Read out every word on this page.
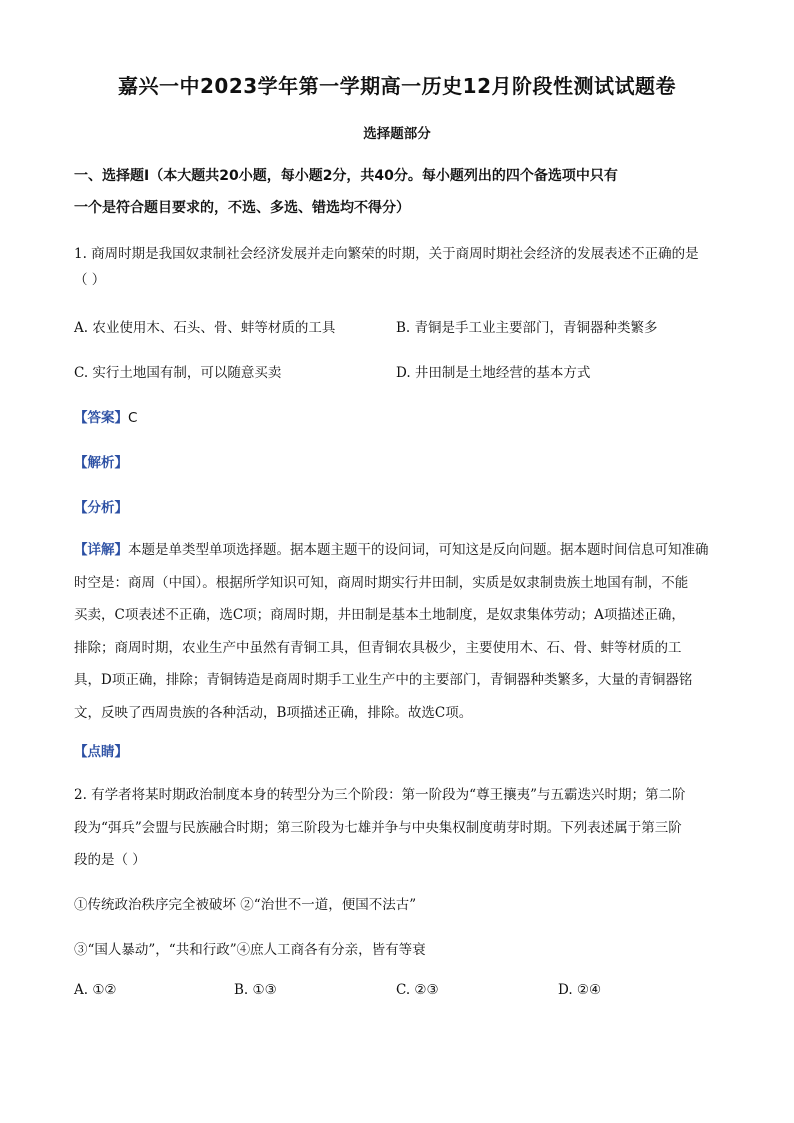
嘉兴一中2023学年第一学期高一历史12月阶段性测试试题卷
选择题部分
一、选择题Ⅰ（本大题共20小题，每小题2分，共40分。每小题列出的四个备选项中只有
一个是符合题目要求的，不选、多选、错选均不得分）
1. 商周时期是我国奴隶制社会经济发展并走向繁荣的时期，关于商周时期社会经济的发展表述不正确的是
（ ）
A. 农业使用木、石头、骨、蚌等材质的工具	B. 青铜是手工业主要部门，青铜器种类繁多
C. 实行土地国有制，可以随意买卖	D. 井田制是土地经营的基本方式
【答案】C
【解析】
【分析】
【详解】本题是单类型单项选择题。据本题主题干的设问词，可知这是反向问题。据本题时间信息可知准确
时空是：商周（中国）。根据所学知识可知，商周时期实行井田制，实质是奴隶制贵族土地国有制，不能
买卖，C项表述不正确，选C项；商周时期，井田制是基本土地制度，是奴隶集体劳动；A项描述正确，
排除；商周时期，农业生产中虽然有青铜工具，但青铜农具极少，主要使用木、石、骨、蚌等材质的工
具，D项正确，排除；青铜铸造是商周时期手工业生产中的主要部门，青铜器种类繁多，大量的青铜器铭
文，反映了西周贵族的各种活动，B项描述正确，排除。故选C项。
【点睛】
2. 有学者将某时期政治制度本身的转型分为三个阶段：第一阶段为“尊王攘夷”与五霸迭兴时期；第二阶
段为“弭兵”会盟与民族融合时期；第三阶段为七雄并争与中央集权制度萌芽时期。下列表述属于第三阶
段的是（ ）
①传统政治秩序完全被破坏 ②“治世不一道，便国不法古”
③“国人暴动”，“共和行政”④庶人工商各有分亲，皆有等衰
A. ①②	B. ①③	C. ②③	D. ②④
